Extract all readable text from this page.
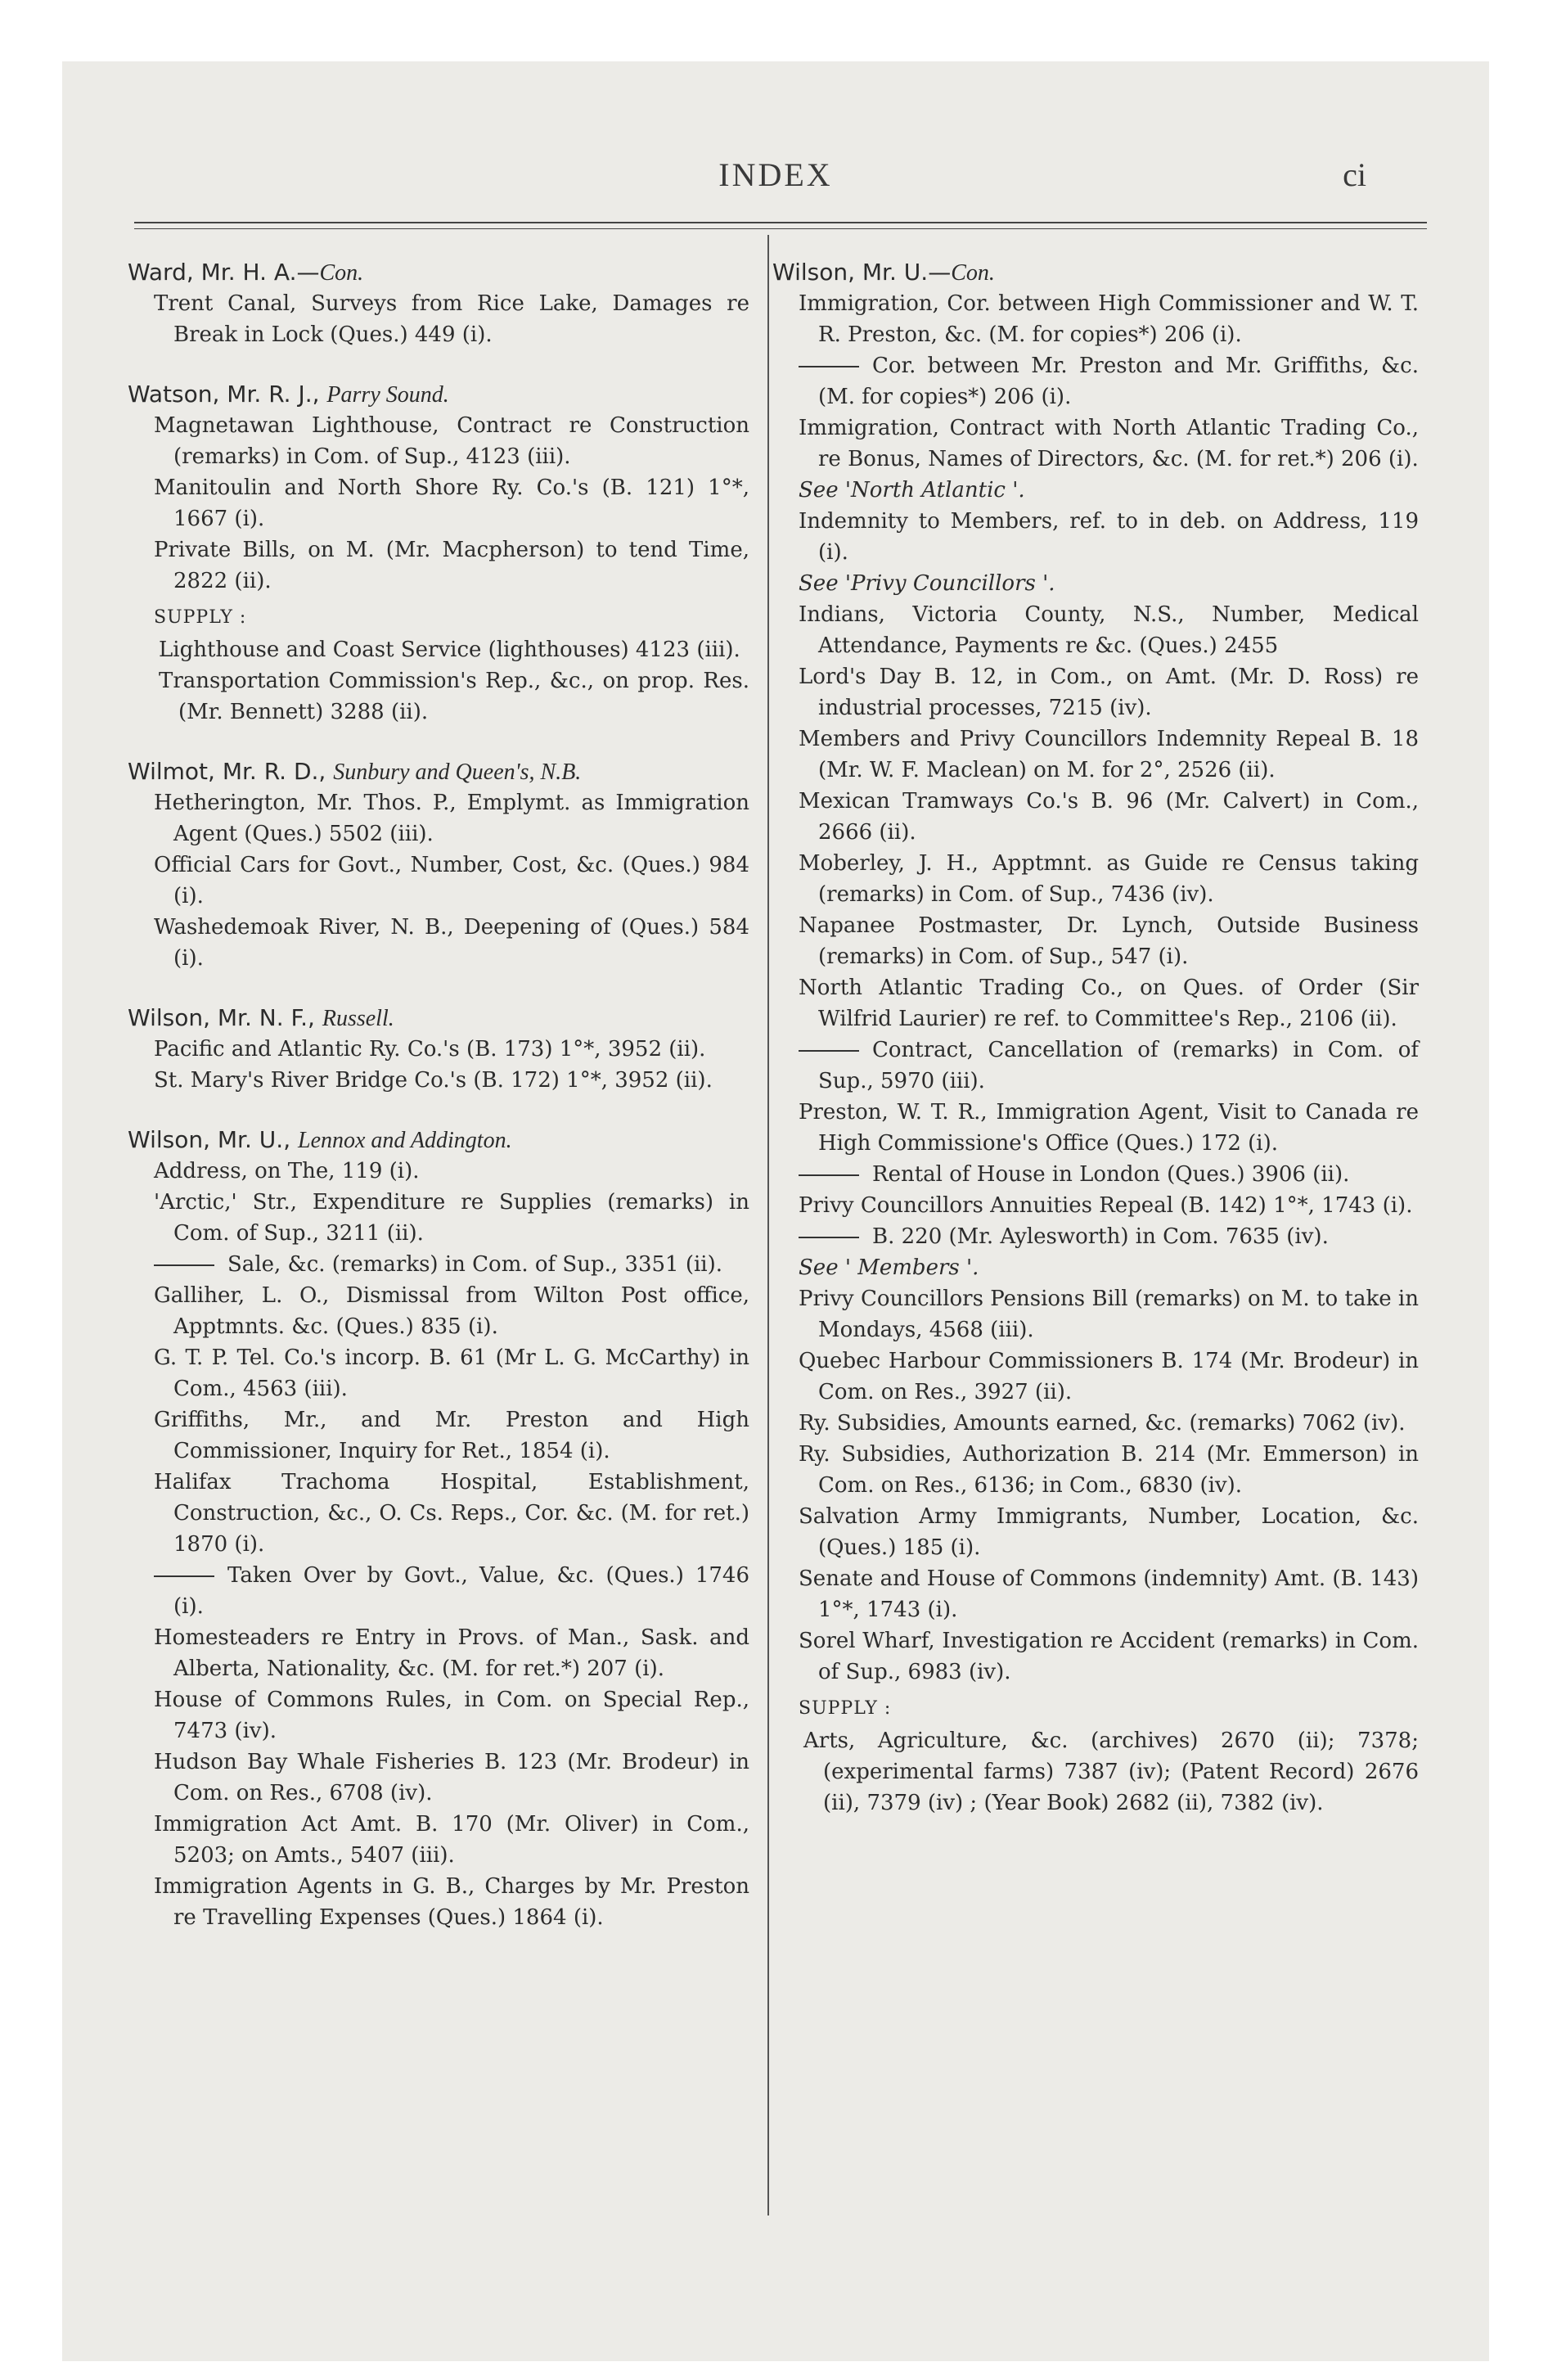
INDEX	ci
Ward, Mr. H. A.—Con.
Trent Canal, Surveys from Rice Lake, Damages re Break in Lock (Ques.) 449 (i).
Watson, Mr. R. J., Parry Sound.
Magnetawan Lighthouse, Contract re Construction (remarks) in Com. of Sup., 4123 (iii).
Manitoulin and North Shore Ry. Co.'s (B. 121) 1°*, 1667 (i).
Private Bills, on M. (Mr. Macpherson) to tend Time, 2822 (ii).
SUPPLY :
Lighthouse and Coast Service (lighthouses) 4123 (iii).
Transportation Commission's Rep., &c., on prop. Res. (Mr. Bennett) 3288 (ii).
Wilmot, Mr. R. D., Sunbury and Queen's, N.B.
Hetherington, Mr. Thos. P., Emplymt. as Immigration Agent (Ques.) 5502 (iii).
Official Cars for Govt., Number, Cost, &c. (Ques.) 984 (i).
Washedemoak River, N. B., Deepening of (Ques.) 584 (i).
Wilson, Mr. N. F., Russell.
Pacific and Atlantic Ry. Co.'s (B. 173) 1°*, 3952 (ii).
St. Mary's River Bridge Co.'s (B. 172) 1°*, 3952 (ii).
Wilson, Mr. U., Lennox and Addington.
Address, on The, 119 (i).
'Arctic,' Str., Expenditure re Supplies (remarks) in Com. of Sup., 3211 (ii).
Sale, &c. (remarks) in Com. of Sup., 3351 (ii).
Galliher, L. O., Dismissal from Wilton Post office, Apptmnts. &c. (Ques.) 835 (i).
G. T. P. Tel. Co.'s incorp. B. 61 (Mr L. G. McCarthy) in Com., 4563 (iii).
Griffiths, Mr., and Mr. Preston and High Commissioner, Inquiry for Ret., 1854 (i).
Halifax Trachoma Hospital, Establishment, Construction, &c., O. Cs. Reps., Cor. &c. (M. for ret.) 1870 (i).
Taken Over by Govt., Value, &c. (Ques.) 1746 (i).
Homesteaders re Entry in Provs. of Man., Sask. and Alberta, Nationality, &c. (M. for ret.*) 207 (i).
House of Commons Rules, in Com. on Special Rep., 7473 (iv).
Hudson Bay Whale Fisheries B. 123 (Mr. Brodeur) in Com. on Res., 6708 (iv).
Immigration Act Amt. B. 170 (Mr. Oliver) in Com., 5203; on Amts., 5407 (iii).
Immigration Agents in G. B., Charges by Mr. Preston re Travelling Expenses (Ques.) 1864 (i).
Wilson, Mr. U.—Con.
Immigration, Cor. between High Commissioner and W. T. R. Preston, &c. (M. for copies*) 206 (i).
Cor. between Mr. Preston and Mr. Griffiths, &c. (M. for copies*) 206 (i).
Immigration, Contract with North Atlantic Trading Co., re Bonus, Names of Directors, &c. (M. for ret.*) 206 (i).
See 'North Atlantic '.
Indemnity to Members, ref. to in deb. on Address, 119 (i).
See 'Privy Councillors '.
Indians, Victoria County, N.S., Number, Medical Attendance, Payments re &c. (Ques.) 2455
Lord's Day B. 12, in Com., on Amt. (Mr. D. Ross) re industrial processes, 7215 (iv).
Members and Privy Councillors Indemnity Repeal B. 18 (Mr. W. F. Maclean) on M. for 2°, 2526 (ii).
Mexican Tramways Co.'s B. 96 (Mr. Calvert) in Com., 2666 (ii).
Moberley, J. H., Apptmnt. as Guide re Census taking (remarks) in Com. of Sup., 7436 (iv).
Napanee Postmaster, Dr. Lynch, Outside Business (remarks) in Com. of Sup., 547 (i).
North Atlantic Trading Co., on Ques. of Order (Sir Wilfrid Laurier) re ref. to Committee's Rep., 2106 (ii).
Contract, Cancellation of (remarks) in Com. of Sup., 5970 (iii).
Preston, W. T. R., Immigration Agent, Visit to Canada re High Commissione's Office (Ques.) 172 (i).
Rental of House in London (Ques.) 3906 (ii).
Privy Councillors Annuities Repeal (B. 142) 1°*, 1743 (i).
B. 220 (Mr. Aylesworth) in Com. 7635 (iv).
See ' Members '.
Privy Councillors Pensions Bill (remarks) on M. to take in Mondays, 4568 (iii).
Quebec Harbour Commissioners B. 174 (Mr. Brodeur) in Com. on Res., 3927 (ii).
Ry. Subsidies, Amounts earned, &c. (remarks) 7062 (iv).
Ry. Subsidies, Authorization B. 214 (Mr. Emmerson) in Com. on Res., 6136; in Com., 6830 (iv).
Salvation Army Immigrants, Number, Location, &c. (Ques.) 185 (i).
Senate and House of Commons (indemnity) Amt. (B. 143) 1°*, 1743 (i).
Sorel Wharf, Investigation re Accident (remarks) in Com. of Sup., 6983 (iv).
SUPPLY :
Arts, Agriculture, &c. (archives) 2670 (ii); 7378; (experimental farms) 7387 (iv); (Patent Record) 2676 (ii), 7379 (iv) ; (Year Book) 2682 (ii), 7382 (iv).
